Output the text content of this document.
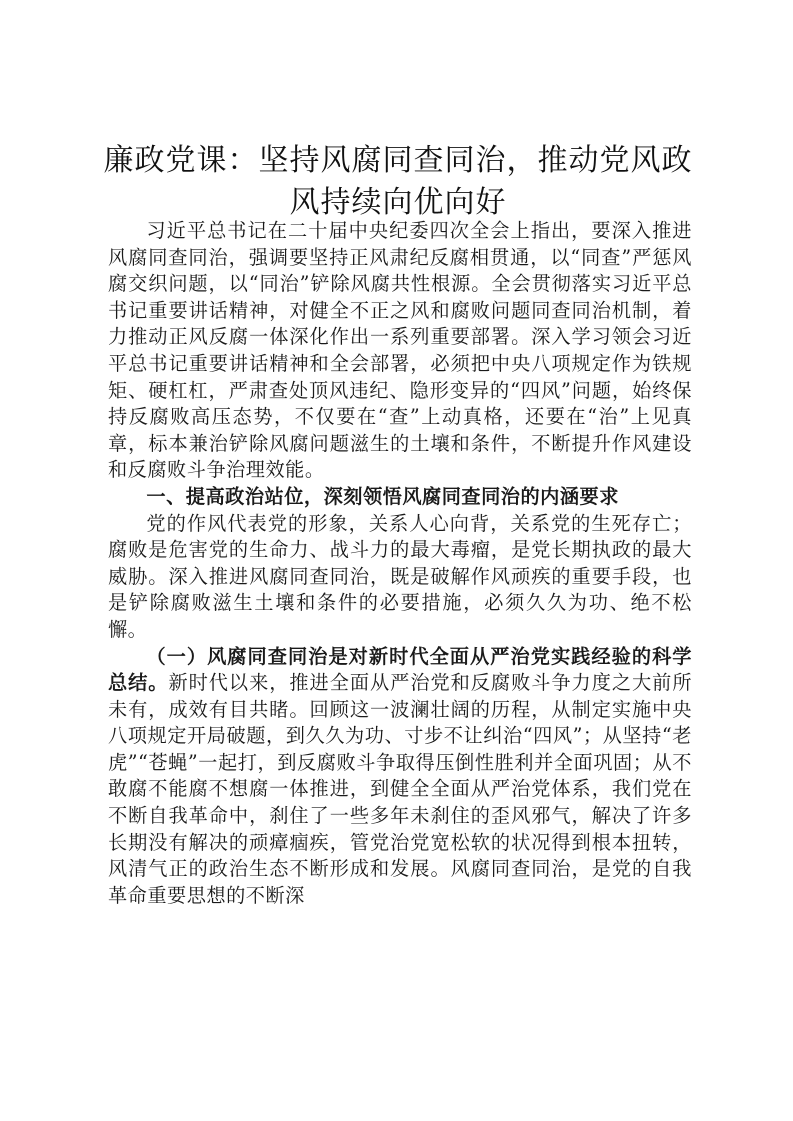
廉政党课：坚持风腐同查同治，推动党风政风持续向优向好

习近平总书记在二十届中央纪委四次全会上指出，要深入推进风腐同查同治，强调要坚持正风肃纪反腐相贯通，以“同查”严惩风腐交织问题，以“同治”铲除风腐共性根源。全会贯彻落实习近平总书记重要讲话精神，对健全不正之风和腐败问题同查同治机制，着力推动正风反腐一体深化作出一系列重要部署。深入学习领会习近平总书记重要讲话精神和全会部署，必须把中央八项规定作为铁规矩、硬杠杠，严肃查处顶风违纪、隐形变异的“四风”问题，始终保持反腐败高压态势，不仅要在“查”上动真格，还要在“治”上见真章，标本兼治铲除风腐问题滋生的土壤和条件，不断提升作风建设和反腐败斗争治理效能。

一、提高政治站位，深刻领悟风腐同查同治的内涵要求

党的作风代表党的形象，关系人心向背，关系党的生死存亡；腐败是危害党的生命力、战斗力的最大毒瘤，是党长期执政的最大威胁。深入推进风腐同查同治，既是破解作风顽疾的重要手段，也是铲除腐败滋生土壤和条件的必要措施，必须久久为功、绝不松懈。

（一）风腐同查同治是对新时代全面从严治党实践经验的科学总结。新时代以来，推进全面从严治党和反腐败斗争力度之大前所未有，成效有目共睹。回顾这一波澜壮阔的历程，从制定实施中央八项规定开局破题，到久久为功、寸步不让纠治“四风”；从坚持“老虎”“苍蝇”一起打，到反腐败斗争取得压倒性胜利并全面巩固；从不敢腐不能腐不想腐一体推进，到健全全面从严治党体系，我们党在不断自我革命中，刹住了一些多年未刹住的歪风邪气，解决了许多长期没有解决的顽瘴痼疾，管党治党宽松软的状况得到根本扭转，风清气正的政治生态不断形成和发展。风腐同查同治，是党的自我革命重要思想的不断深
